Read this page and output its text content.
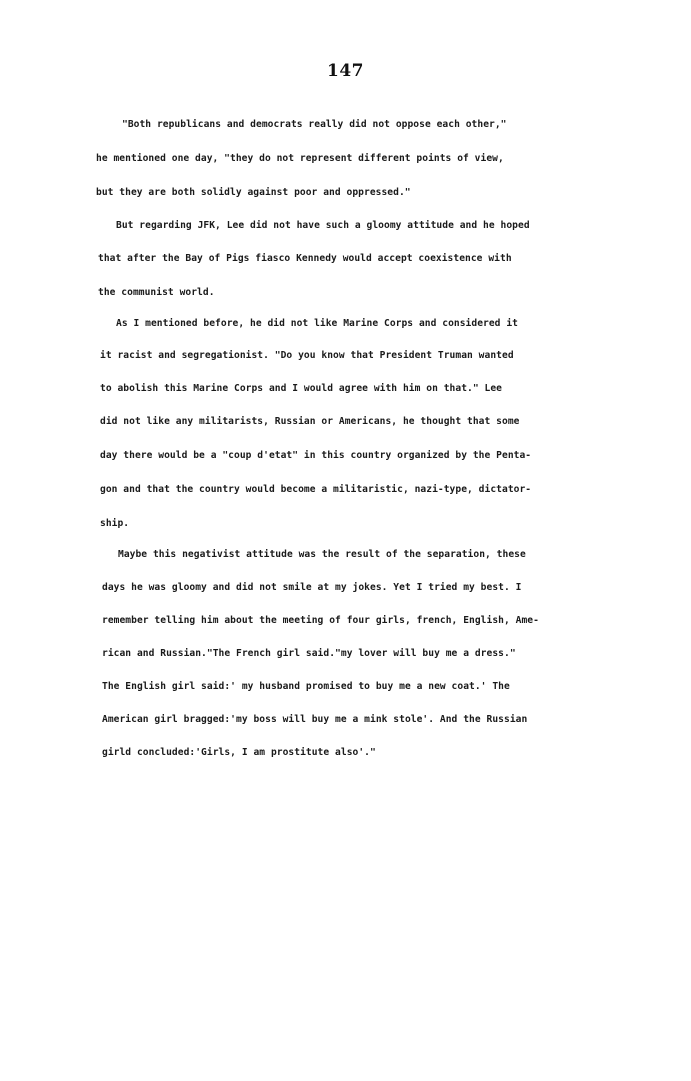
147
"Both republicans and democrats really did not oppose each other,"
he mentioned one day, "they do not represent different points of view,
but they are both solidly against poor and oppressed."
But regarding JFK, Lee did not have such a gloomy attitude and he hoped
that after the Bay of Pigs fiasco Kennedy would accept coexistence with
the communist world.
As I mentioned before, he did not like Marine Corps and considered it
it racist and segregationist. "Do you know that President Truman wanted
to abolish this Marine Corps and I would agree with him on that." Lee
did not like any militarists, Russian or Americans, he thought that some
day there would be a "coup d'etat" in this country organized by the Penta-
gon and that the country would become a militaristic, nazi-type, dictator-
ship.
Maybe this negativist attitude was the result of the separation, these
days he was gloomy and did not smile at my jokes. Yet I tried my best. I
remember telling him about the meeting of four girls, french, English, Ame-
rican and Russian."The French girl said."my lover will buy me a dress."
The English girl said:' my husband promised to buy me a new coat.' The
American girl bragged:'my boss will buy me a mink stole'. And the Russian
girld concluded:'Girls, I am prostitute also'."
